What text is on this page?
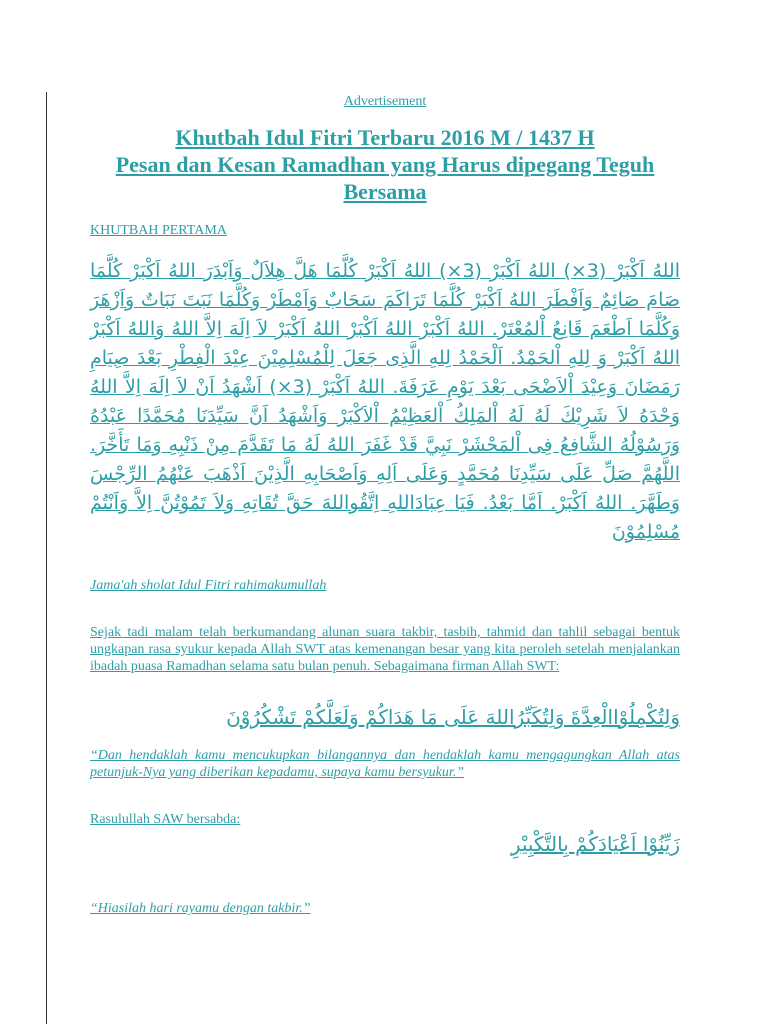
Advertisement
Khutbah Idul Fitri Terbaru 2016 M / 1437 H
Pesan dan Kesan Ramadhan yang Harus dipegang Teguh Bersama
KHUTBAH PERTAMA
اللهُ اَكْبَرْ (3×) اللهُ اَكْبَرْ (3×) اللهُ اَكْبَرْ كُلَّمَا هَلَّ هِلاَلٌ وَاَبْدَرَ اللهُ اَكْبَرْ كُلَّمَا صَامَ صَائِمٌ وَاَفْطَرَ اللهُ اَكْبَرْ كُلَّمَا تَرَاكَمَ سَحَابٌ وَاَمْطَرْ وَكُلَّمَا نَبَتَ نَبَاتٌ وَاَزْهَرَ وَكُلَّمَا اَطْعَمَ قَانِعُ اْلمُعْتَرْ. اللهُ اَكْبَرْ اللهُ اَكْبَرْ اللهُ اَكْبَرْ لاَ اِلَهَ اِلاَّ اللهُ وَاللهُ اَكْبَرْ اللهُ اَكْبَرْ وَ لِلهِ اْلحَمْدُ. اَلْحَمْدُ لِلهِ الَّذِى جَعَلَ لِلْمُسْلِمِيْنَ عِيْدَ الْفِطْرِ بَعْدَ صِيَامِ رَمَضَانَ وَعِيْدَ اْلاَضْحَى بَعْدَ يَوْمِ عَرَفَةَ. اللهُ اَكْبَرْ (3×) اَشْهَدُ اَنْ لاَ اِلَهَ اِلاَّ اللهُ وَحْدَهُ لاَ شَرِيْكَ لَهُ لَهُ اْلمَلِكُ اْلعَظِيْمُ اْلاَكْبَرْ وَاَشْهَدُ اَنَّ سَيِّدَنَا مُحَمَّدًا عَبْدُهُ وَرَسُوْلُهُ الشَّافِعُ فِى اْلمَحْشَرْ نَبِيَّ قَدْ غَفَرَ اللهُ لَهُ مَا تَقَدَّمَ مِنْ ذَنْبِهِ وَمَا تَأَخَّرَ. اللَّهُمَّ صَلِّ عَلَى سَيِّدِنَا مُحَمَّدٍ وَعَلَى اَلِهِ وَاَصْحَابِهِ الَّذِيْنَ اَذْهَبَ عَنْهُمُ الرِّجْسَ وَطَهَّرَ. اللهُ اَكْبَرْ. اَمَّا بَعْدُ. فَيَا عِبَادَاللهِ اِتَّقُواللهَ حَقَّ تُقَاتِهِ وَلاَ تَمُوْتُنَّ اِلاَّ وَاَنْتُمْ مُسْلِمُوْنَ
Jama'ah sholat Idul Fitri rahimakumullah
Sejak tadi malam telah berkumandang alunan suara takbir, tasbih, tahmid dan tahlil sebagai bentuk ungkapan rasa syukur kepada Allah SWT atas kemenangan besar yang kita peroleh setelah menjalankan ibadah puasa Ramadhan selama satu bulan penuh. Sebagaimana firman Allah SWT:
وَلِتُكْمِلُوْاالْعِدَّةَ وَلِتُكَبِّرُاللهَ عَلَى مَا هَدَاكُمْ وَلَعَلَّكُمْ تَشْكُرُوْنَ
“Dan hendaklah kamu mencukupkan bilangannya dan hendaklah kamu mengagungkan Allah atas petunjuk-Nya yang diberikan kepadamu, supaya kamu bersyukur.”
Rasulullah SAW bersabda:
زَيِّنُوْا اَعْيَادَكُمْ بِالتَّكْبِيْرِ
“Hiasilah hari rayamu dengan takbir.”
